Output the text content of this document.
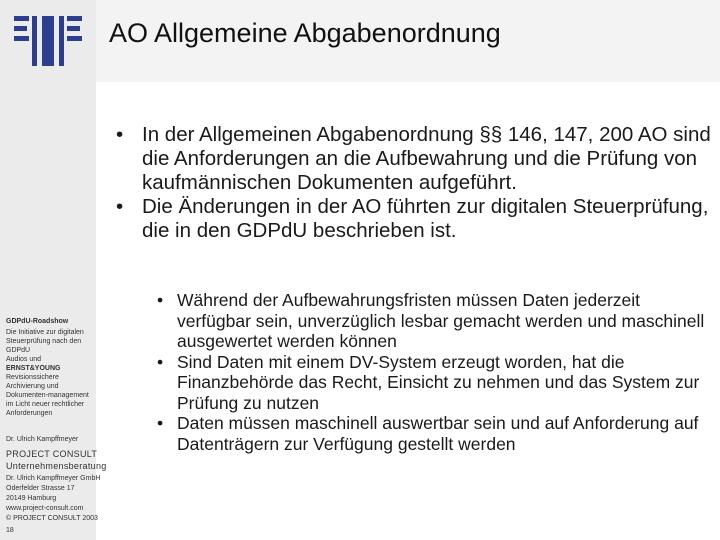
GDPdU-Roadshow
Die Initiative zur digitalen
Steuerprüfung nach den
GDPdU
Audios und
ERNST&YOUNG
Revisionssichere
Archivierung und
Dokumenten-management
im Licht neuer rechtlicher
Anforderungen
Dr. Ulrich Kampffmeyer
PROJECT CONSULT
Unternehmensberatung
Dr. Ulrich Kampffmeyer GmbH
Oderfelder Strasse 17
20149 Hamburg
www.project-consult.com
© PROJECT CONSULT 2003
18
AO Allgemeine Abgabenordnung
• In der Allgemeinen Abgabenordnung §§ 146, 147, 200 AO sind die Anforderungen an die Aufbewahrung und die Prüfung von kaufmännischen Dokumenten aufgeführt.
• Die Änderungen in der AO führten zur digitalen Steuerprüfung, die in den GDPdU beschrieben ist.
• Während der Aufbewahrungsfristen müssen Daten jederzeit verfügbar sein, unverzüglich lesbar gemacht werden und maschinell ausgewertet werden können
• Sind Daten mit einem DV-System erzeugt worden, hat die Finanzbehörde das Recht, Einsicht zu nehmen und das System zur Prüfung zu nutzen
• Daten müssen maschinell auswertbar sein und auf Anforderung auf Datenträgern zur Verfügung gestellt werden
